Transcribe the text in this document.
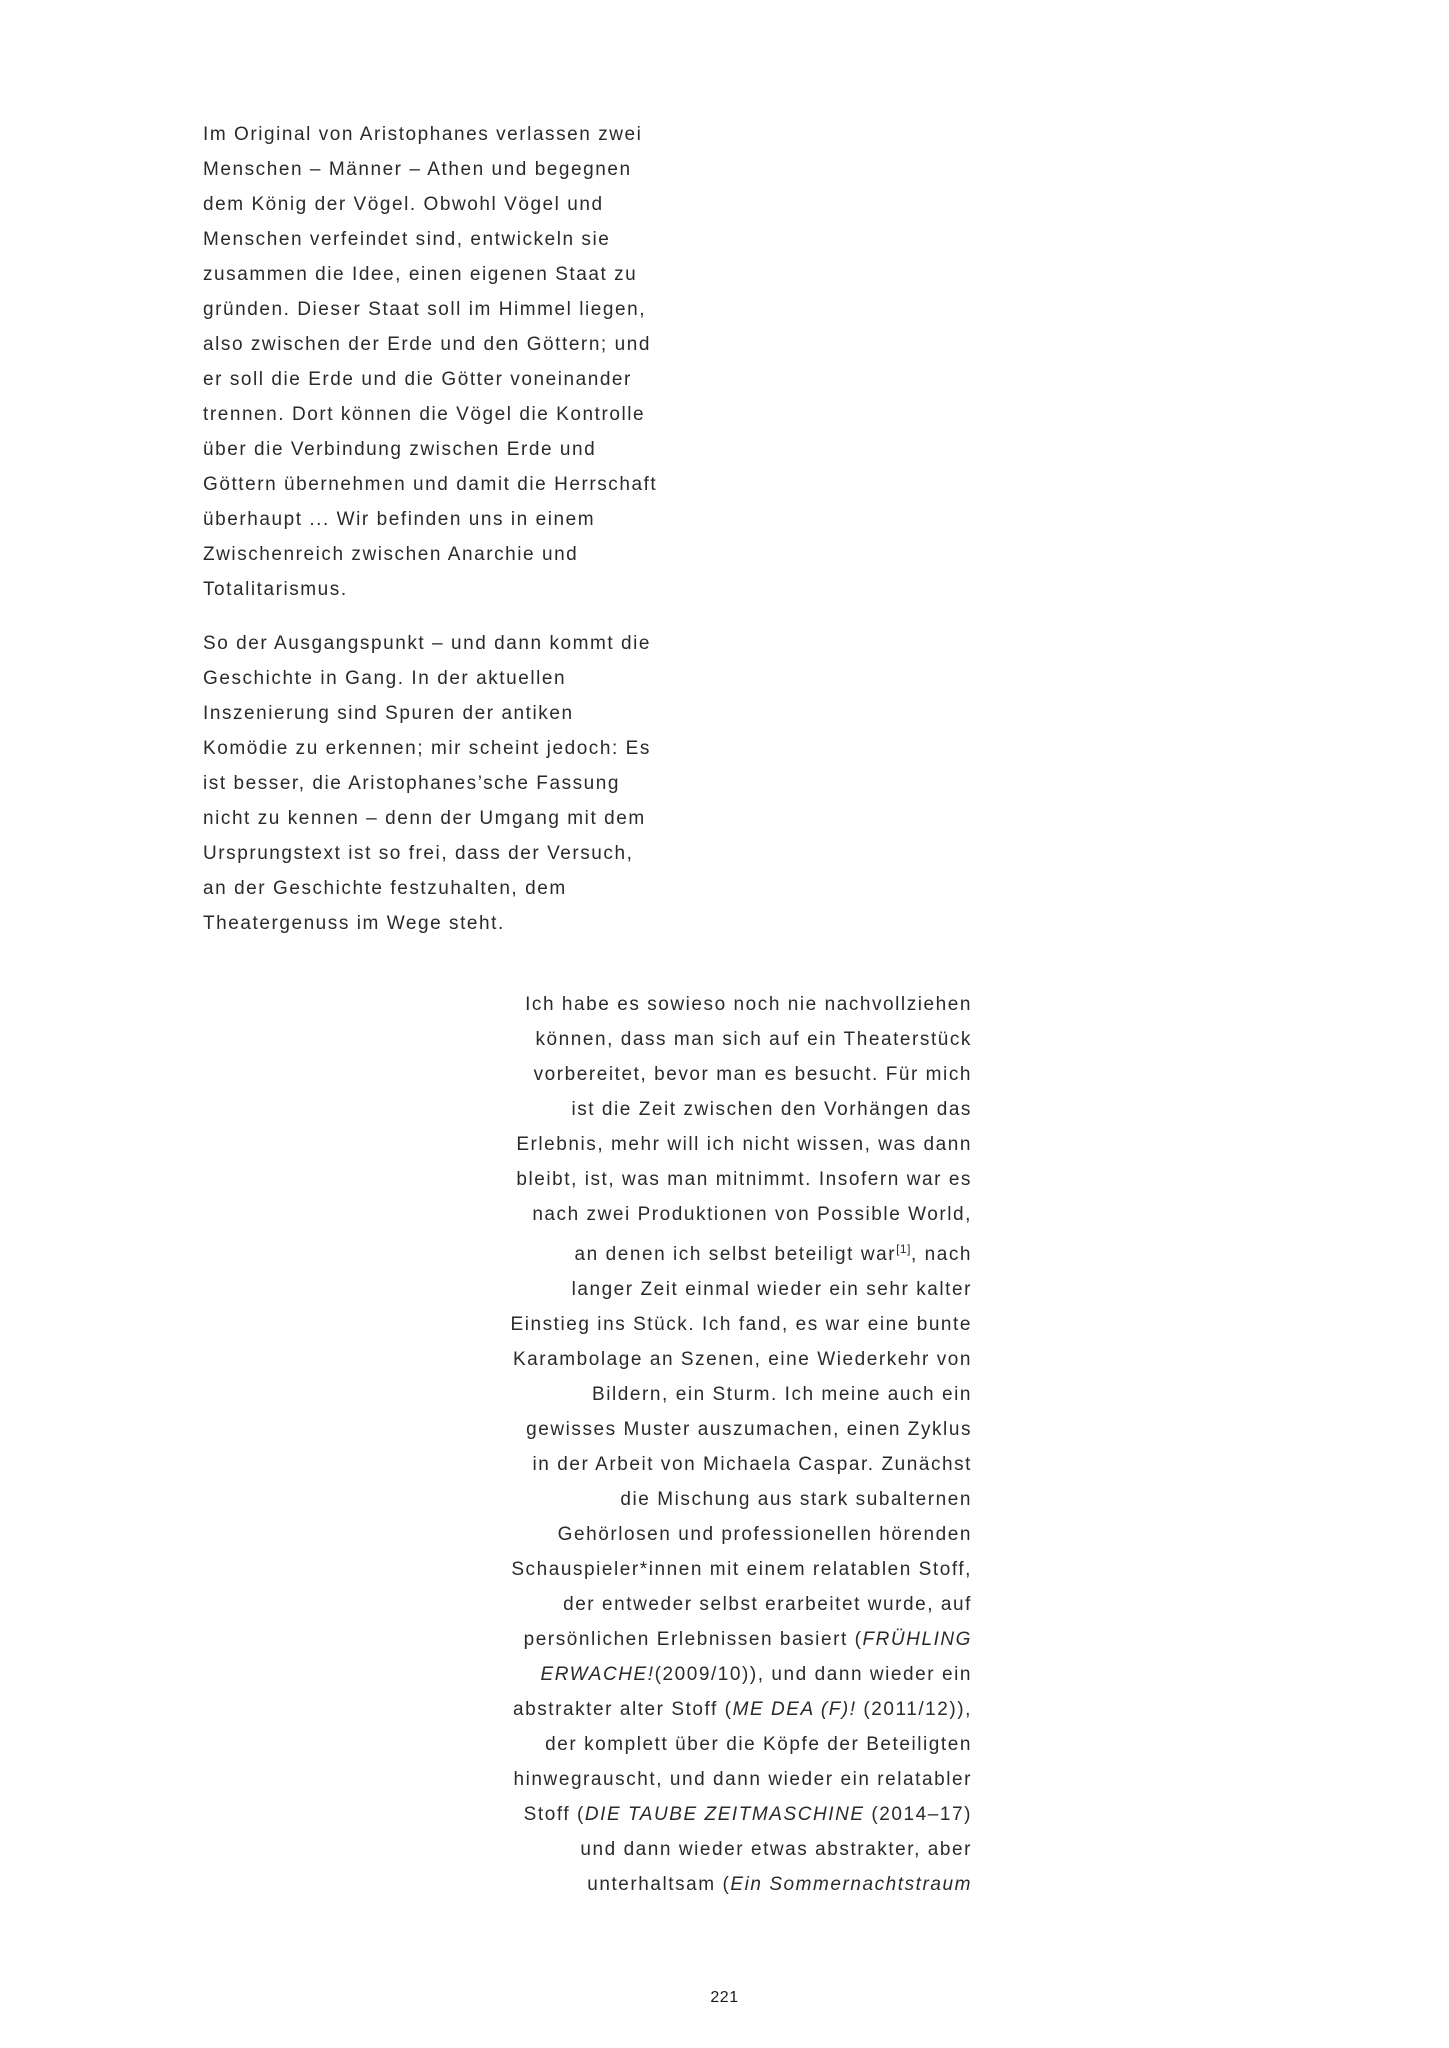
Im Original von Aristophanes verlassen zwei
Menschen – Männer – Athen und begegnen
dem König der Vögel. Obwohl Vögel und
Menschen verfeindet sind, entwickeln sie
zusammen die Idee, einen eigenen Staat zu
gründen. Dieser Staat soll im Himmel liegen,
also zwischen der Erde und den Göttern; und
er soll die Erde und die Götter voneinander
trennen. Dort können die Vögel die Kontrolle
über die Verbindung zwischen Erde und
Göttern übernehmen und damit die Herrschaft
überhaupt ... Wir befinden uns in einem
Zwischenreich zwischen Anarchie und
Totalitarismus.

So der Ausgangspunkt – und dann kommt die
Geschichte in Gang. In der aktuellen
Inszenierung sind Spuren der antiken
Komödie zu erkennen; mir scheint jedoch: Es
ist besser, die Aristophanes’sche Fassung
nicht zu kennen – denn der Umgang mit dem
Ursprungstext ist so frei, dass der Versuch,
an der Geschichte festzuhalten, dem
Theatergenuss im Wege steht.

Ich habe es sowieso noch nie nachvollziehen
können, dass man sich auf ein Theaterstück
vorbereitet, bevor man es besucht. Für mich
ist die Zeit zwischen den Vorhängen das
Erlebnis, mehr will ich nicht wissen, was dann
bleibt, ist, was man mitnimmt. Insofern war es
nach zwei Produktionen von Possible World,
an denen ich selbst beteiligt war[1], nach
langer Zeit einmal wieder ein sehr kalter
Einstieg ins Stück. Ich fand, es war eine bunte
Karambolage an Szenen, eine Wiederkehr von
Bildern, ein Sturm. Ich meine auch ein
gewisses Muster auszumachen, einen Zyklus
in der Arbeit von Michaela Caspar. Zunächst
die Mischung aus stark subalternen
Gehörlosen und professionellen hörenden
Schauspieler*innen mit einem relatablen Stoff,
der entweder selbst erarbeitet wurde, auf
persönlichen Erlebnissen basiert (FRÜHLING
ERWACHE!(2009/10)), und dann wieder ein
abstrakter alter Stoff (ME DEA (F)! (2011/12)),
der komplett über die Köpfe der Beteiligten
hinwegrauscht, und dann wieder ein relatabler
Stoff (DIE TAUBE ZEITMASCHINE (2014–17)
und dann wieder etwas abstrakter, aber
unterhaltsam (Ein Sommernachtstraum

221
